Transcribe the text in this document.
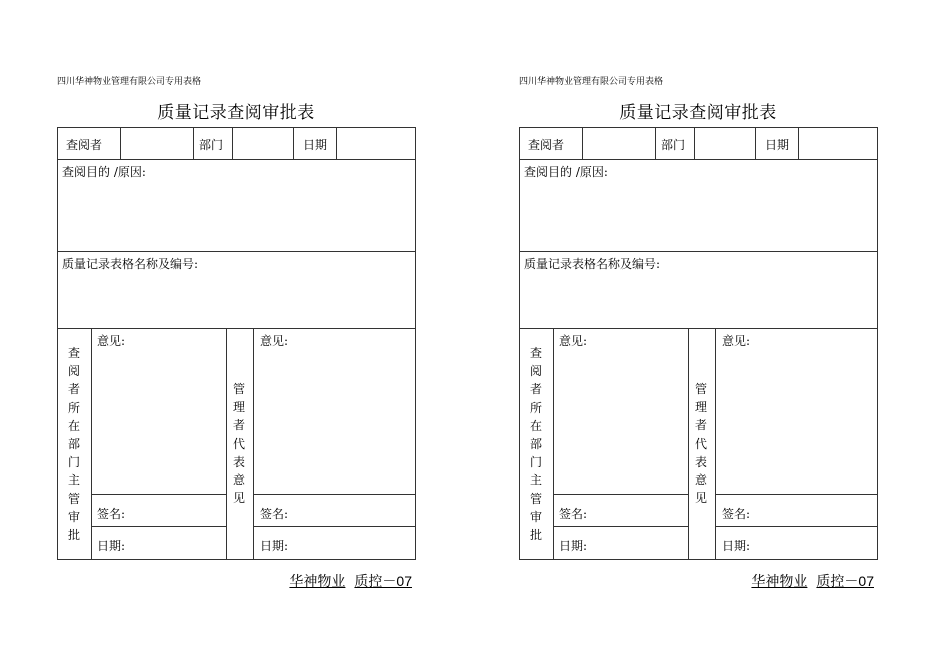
四川华神物业管理有限公司专用表格
质量记录查阅审批表
查阅者	部门	日期
查阅目的 /原因:
质量记录表格名称及编号:
查阅者所在部门主管审批
管理者代表意见
意见:	意见:
签名:	签名:
日期:	日期:
华神物业 质控－07
四川华神物业管理有限公司专用表格
质量记录查阅审批表
查阅者	部门	日期
查阅目的 /原因:
质量记录表格名称及编号:
查阅者所在部门主管审批
管理者代表意见
意见:	意见:
签名:	签名:
日期:	日期:
华神物业 质控－07
